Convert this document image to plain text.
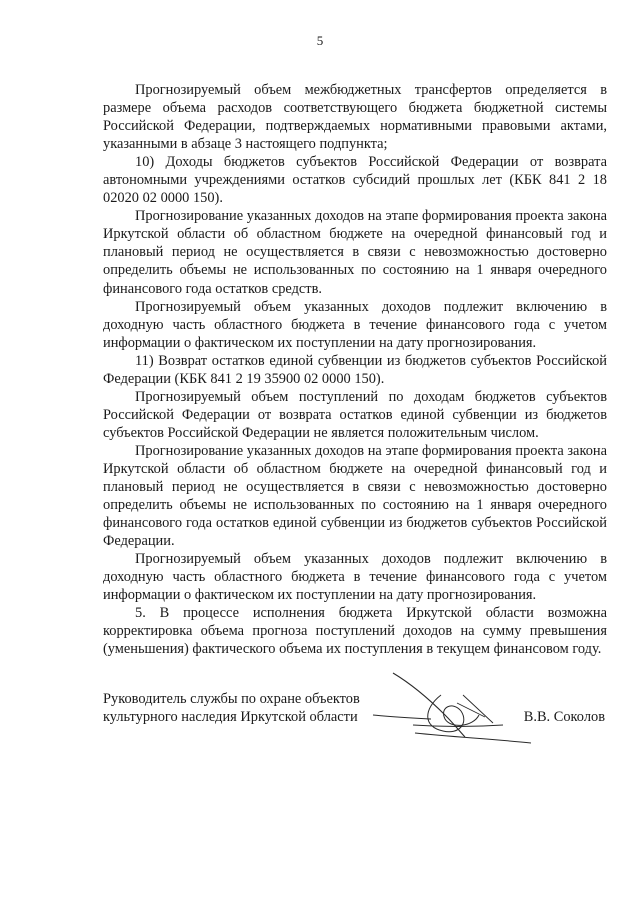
5

Прогнозируемый объем межбюджетных трансфертов определяется в размере объема расходов соответствующего бюджета бюджетной системы Российской Федерации, подтверждаемых нормативными правовыми актами, указанными в абзаце 3 настоящего подпункта;

10) Доходы бюджетов субъектов Российской Федерации от возврата автономными учреждениями остатков субсидий прошлых лет (КБК 841 2 18 02020 02 0000 150).

Прогнозирование указанных доходов на этапе формирования проекта закона Иркутской области об областном бюджете на очередной финансовый год и плановый период не осуществляется в связи с невозможностью достоверно определить объемы не использованных по состоянию на 1 января очередного финансового года остатков средств.

Прогнозируемый объем указанных доходов подлежит включению в доходную часть областного бюджета в течение финансового года с учетом информации о фактическом их поступлении на дату прогнозирования.

11) Возврат остатков единой субвенции из бюджетов субъектов Российской Федерации (КБК 841 2 19 35900 02 0000 150).

Прогнозируемый объем поступлений по доходам бюджетов субъектов Российской Федерации от возврата остатков единой субвенции из бюджетов субъектов Российской Федерации не является положительным числом.

Прогнозирование указанных доходов на этапе формирования проекта закона Иркутской области об областном бюджете на очередной финансовый год и плановый период не осуществляется в связи с невозможностью достоверно определить объемы не использованных по состоянию на 1 января очередного финансового года остатков единой субвенции из бюджетов субъектов Российской Федерации.

Прогнозируемый объем указанных доходов подлежит включению в доходную часть областного бюджета в течение финансового года с учетом информации о фактическом их поступлении на дату прогнозирования.

5. В процессе исполнения бюджета Иркутской области возможна корректировка объема прогноза поступлений доходов на сумму превышения (уменьшения) фактического объема их поступления в текущем финансовом году.

Руководитель службы по охране объектов культурного наследия Иркутской области	В.В. Соколов
